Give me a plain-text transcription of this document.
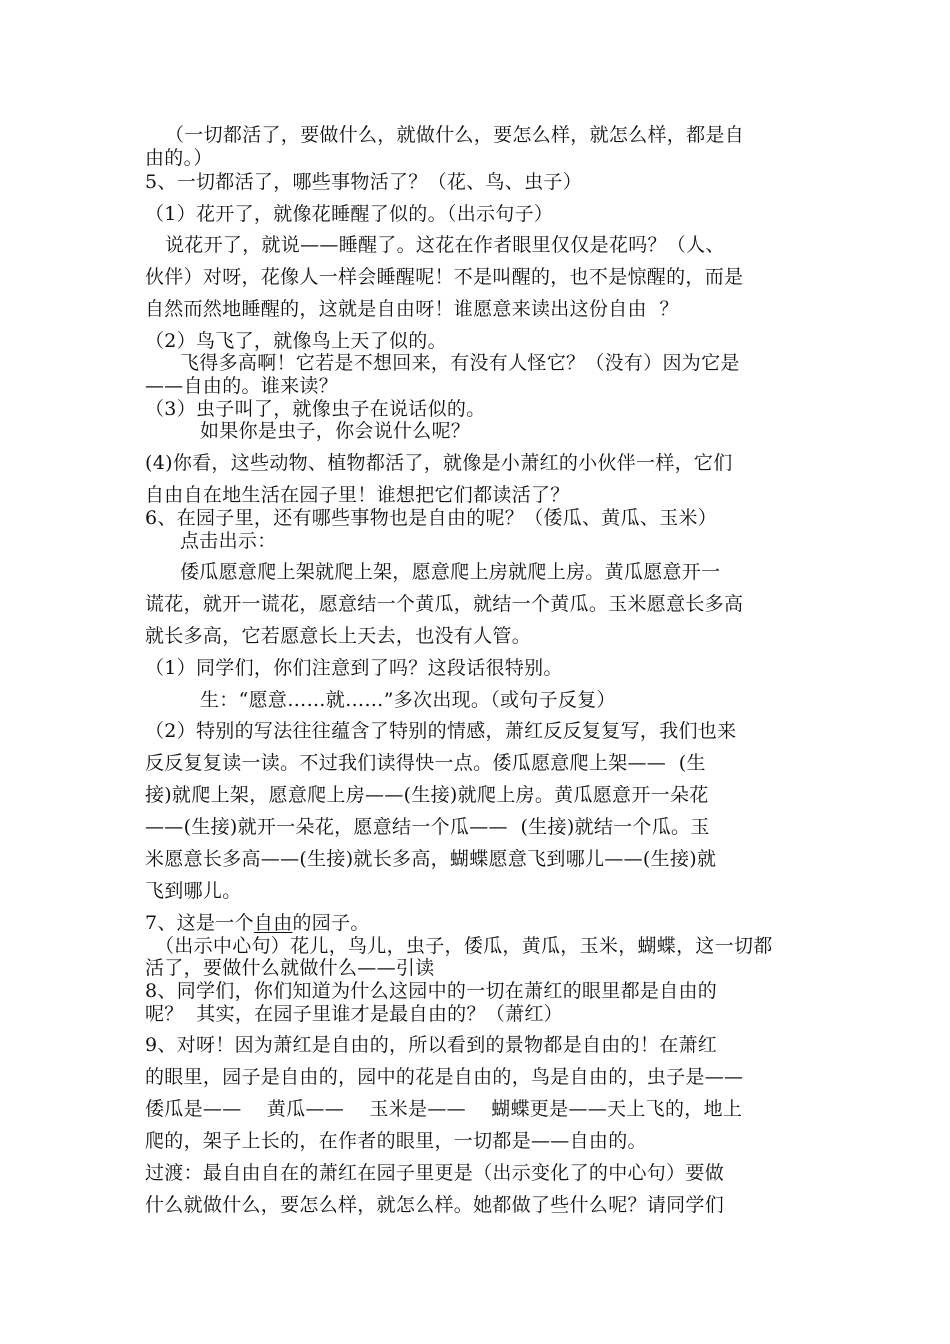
（一切都活了，要做什么，就做什么，要怎么样，就怎么样，都是自
由的。）
5、一切都活了，哪些事物活了？（花、鸟、虫子）
（1）花开了，就像花睡醒了似的。（出示句子）
说花开了，就说——睡醒了。这花在作者眼里仅仅是花吗？（人、
伙伴）对呀，花像人一样会睡醒呢！不是叫醒的，也不是惊醒的，而是
自然而然地睡醒的，这就是自由呀！谁愿意来读出这份自由  ？
（2）鸟飞了，就像鸟上天了似的。
飞得多高啊！它若是不想回来，有没有人怪它？（没有）因为它是
——自由的。谁来读？
（3）虫子叫了，就像虫子在说话似的。
如果你是虫子，你会说什么呢？
(4)你看，这些动物、植物都活了，就像是小萧红的小伙伴一样，它们
自由自在地生活在园子里！谁想把它们都读活了？
6、在园子里，还有哪些事物也是自由的呢？（倭瓜、黄瓜、玉米）
点击出示：
倭瓜愿意爬上架就爬上架，愿意爬上房就爬上房。黄瓜愿意开一
谎花，就开一谎花，愿意结一个黄瓜，就结一个黄瓜。玉米愿意长多高
就长多高，它若愿意长上天去，也没有人管。
（1）同学们，你们注意到了吗？这段话很特别。
生：“愿意……就……”多次出现。（或句子反复）
（2）特别的写法往往蕴含了特别的情感，萧红反反复复写，我们也来
反反复复读一读。不过我们读得快一点。倭瓜愿意爬上架——  (生
接)就爬上架，愿意爬上房——(生接)就爬上房。黄瓜愿意开一朵花
——(生接)就开一朵花，愿意结一个瓜——  (生接)就结一个瓜。玉
米愿意长多高——(生接)就长多高，蝴蝶愿意飞到哪儿——(生接)就
飞到哪儿。
7、这是一个自由的园子。
（出示中心句）花儿，鸟儿，虫子，倭瓜，黄瓜，玉米，蝴蝶，这一切都
活了，要做什么就做什么——引读
8、同学们，你们知道为什么这园中的一切在萧红的眼里都是自由的
呢？  其实，在园子里谁才是最自由的？（萧红）
9、对呀！因为萧红是自由的，所以看到的景物都是自由的！在萧红
的眼里，园子是自由的，园中的花是自由的，鸟是自由的，虫子是——
倭瓜是——    黄瓜——    玉米是——    蝴蝶更是——天上飞的，地上
爬的，架子上长的，在作者的眼里，一切都是——自由的。
过渡：最自由自在的萧红在园子里更是（出示变化了的中心句）要做
什么就做什么，要怎么样，就怎么样。她都做了些什么呢？请同学们
